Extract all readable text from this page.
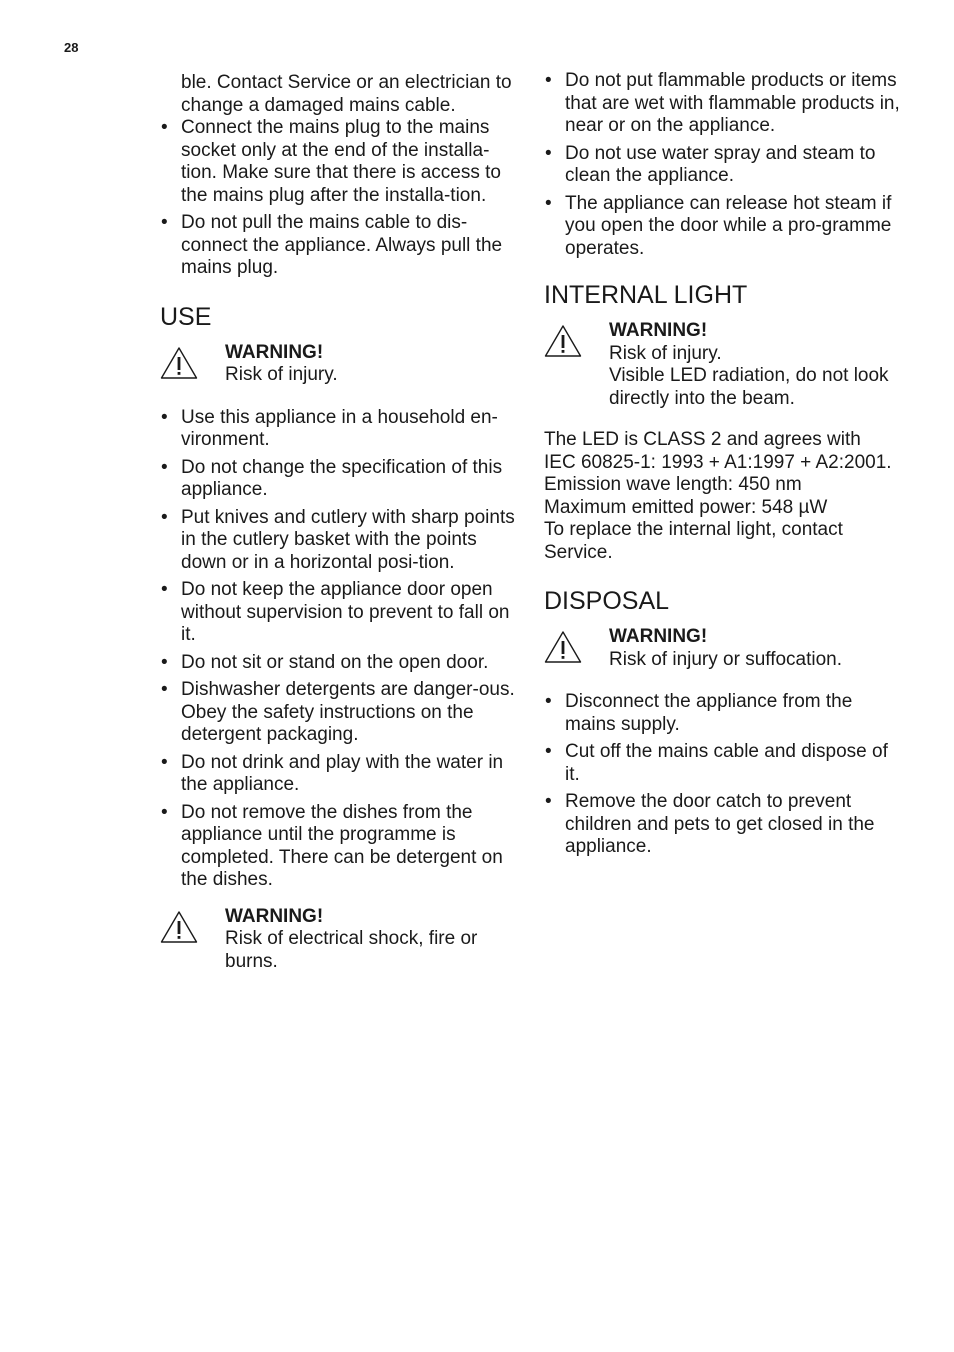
28

ble. Contact Service or an electrician to change a damaged mains cable.

• Connect the mains plug to the mains socket only at the end of the installa-tion. Make sure that there is access to the mains plug after the installa-tion.
• Do not pull the mains cable to dis-connect the appliance. Always pull the mains plug.
USE
WARNING!
Risk of injury.
• Use this appliance in a household en-vironment.
• Do not change the specification of this appliance.
• Put knives and cutlery with sharp points in the cutlery basket with the points down or in a horizontal posi-tion.
• Do not keep the appliance door open without supervision to prevent to fall on it.
• Do not sit or stand on the open door.
• Dishwasher detergents are danger-ous. Obey the safety instructions on the detergent packaging.
• Do not drink and play with the water in the appliance.
• Do not remove the dishes from the appliance until the programme is completed. There can be detergent on the dishes.
WARNING!
Risk of electrical shock, fire or burns.
• Do not put flammable products or items that are wet with flammable products in, near or on the appliance.
• Do not use water spray and steam to clean the appliance.
• The appliance can release hot steam if you open the door while a pro-gramme operates.
INTERNAL LIGHT
WARNING!
Risk of injury.
Visible LED radiation, do not look directly into the beam.

The LED is CLASS 2 and agrees with

IEC 60825-1: 1993 + A1:1997 + A2:2001.

Emission wave length: 450 nm

Maximum emitted power: 548 µW

To replace the internal light, contact Service.

DISPOSAL
WARNING!
Risk of injury or suffocation.
• Disconnect the appliance from the mains supply.
• Cut off the mains cable and dispose of it.
• Remove the door catch to prevent children and pets to get closed in the appliance.
